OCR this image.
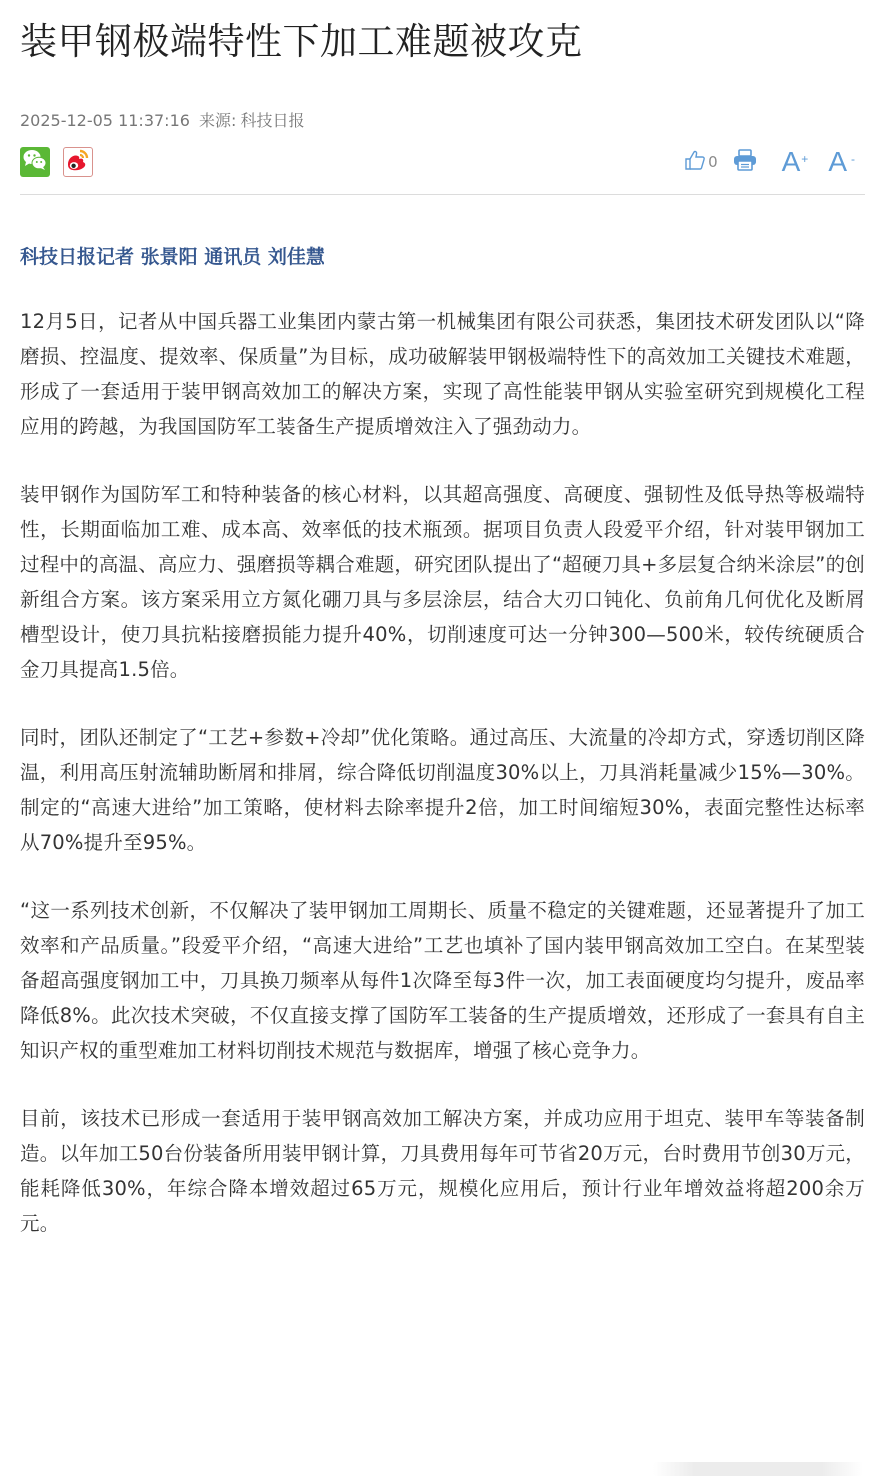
装甲钢极端特性下加工难题被攻克
2025-12-05 11:37:16 来源: 科技日报
0 A + A -
科技日报记者 张景阳 通讯员 刘佳慧

12月5日，记者从中国兵器工业集团内蒙古第一机械集团有限公司获悉，集团技术研发团队以“降磨损、控温度、提效率、保质量”为目标，成功破解装甲钢极端特性下的高效加工关键技术难题，形成了一套适用于装甲钢高效加工的解决方案，实现了高性能装甲钢从实验室研究到规模化工程应用的跨越，为我国国防军工装备生产提质增效注入了强劲动力。

装甲钢作为国防军工和特种装备的核心材料，以其超高强度、高硬度、强韧性及低导热等极端特性，长期面临加工难、成本高、效率低的技术瓶颈。据项目负责人段爱平介绍，针对装甲钢加工过程中的高温、高应力、强磨损等耦合难题，研究团队提出了“超硬刀具+多层复合纳米涂层”的创新组合方案。该方案采用立方氮化硼刀具与多层涂层，结合大刃口钝化、负前角几何优化及断屑槽型设计，使刀具抗粘接磨损能力提升40%，切削速度可达一分钟300—500米，较传统硬质合金刀具提高1.5倍。

同时，团队还制定了“工艺+参数+冷却”优化策略。通过高压、大流量的冷却方式，穿透切削区降温，利用高压射流辅助断屑和排屑，综合降低切削温度30%以上，刀具消耗量减少15%—30%。制定的“高速大进给”加工策略，使材料去除率提升2倍，加工时间缩短30%，表面完整性达标率从70%提升至95%。

“这一系列技术创新，不仅解决了装甲钢加工周期长、质量不稳定的关键难题，还显著提升了加工效率和产品质量。”段爱平介绍，“高速大进给”工艺也填补了国内装甲钢高效加工空白。在某型装备超高强度钢加工中，刀具换刀频率从每件1次降至每3件一次，加工表面硬度均匀提升，废品率降低8%。此次技术突破，不仅直接支撑了国防军工装备的生产提质增效，还形成了一套具有自主知识产权的重型难加工材料切削技术规范与数据库，增强了核心竞争力。

目前，该技术已形成一套适用于装甲钢高效加工解决方案，并成功应用于坦克、装甲车等装备制造。以年加工50台份装备所用装甲钢计算，刀具费用每年可节省20万元，台时费用节创30万元，能耗降低30%，年综合降本增效超过65万元，规模化应用后，预计行业年增效益将超200余万元。
